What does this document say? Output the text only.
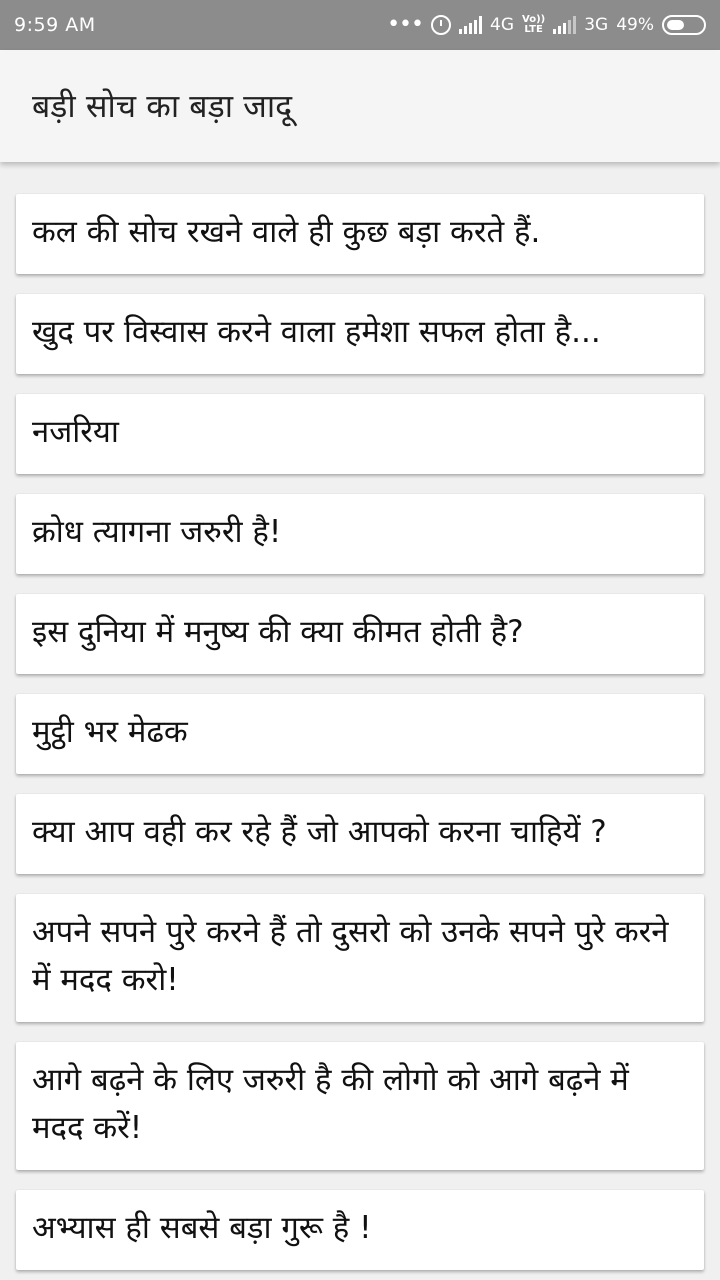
9:59 AM	•••	4G Vo))
LTE 3G 49%
बड़ी सोच का बड़ा जादू
कल की सोच रखने वाले ही कुछ बड़ा करते हैं.
खुद पर विस्वास करने वाला हमेशा सफल होता है...
नजरिया
क्रोध त्यागना जरुरी है!
इस दुनिया में मनुष्य की क्या कीमत होती है?
मुट्ठी भर मेढक
क्या आप वही कर रहे हैं जो आपको करना चाहियें ?
अपने सपने पुरे करने हैं तो दुसरो को उनके सपने पुरे करने में मदद करो!
आगे बढ़ने के लिए जरुरी है की लोगो को आगे बढ़ने में मदद करें!
अभ्यास ही सबसे बड़ा गुरू है !
